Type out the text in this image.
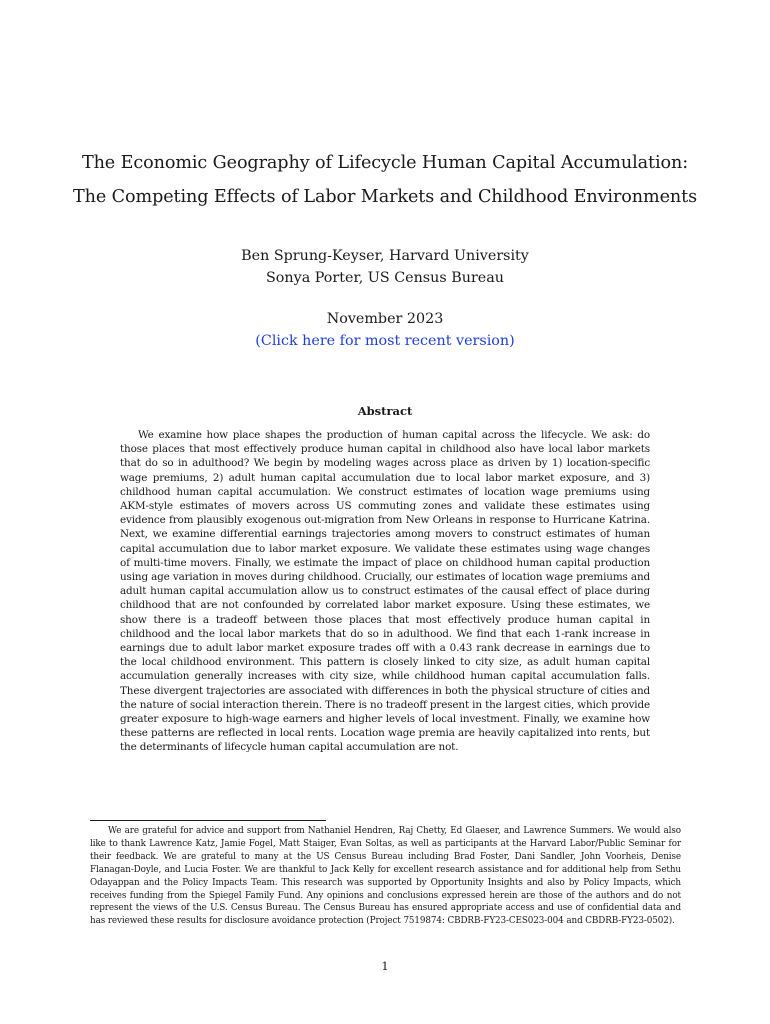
The Economic Geography of Lifecycle Human Capital Accumulation:
The Competing Effects of Labor Markets and Childhood Environments
Ben Sprung-Keyser, Harvard University
Sonya Porter, US Census Bureau
November 2023
(Click here for most recent version)
Abstract

We examine how place shapes the production of human capital across the lifecycle. We ask: do those places that most effectively produce human capital in childhood also have local labor markets that do so in adulthood? We begin by modeling wages across place as driven by 1) location-specific wage premiums, 2) adult human capital accumulation due to local labor market exposure, and 3) childhood human capital accumulation. We construct estimates of location wage premiums using AKM-style estimates of movers across US commuting zones and validate these estimates using evidence from plausibly exogenous out-migration from New Orleans in response to Hurricane Katrina. Next, we examine differential earnings trajectories among movers to construct estimates of human capital accumulation due to labor market exposure. We validate these estimates using wage changes of multi-time movers. Finally, we estimate the impact of place on childhood human capital production using age variation in moves during childhood. Crucially, our estimates of location wage premiums and adult human capital accumulation allow us to construct estimates of the causal effect of place during childhood that are not confounded by correlated labor market exposure. Using these estimates, we show there is a tradeoff between those places that most effectively produce human capital in childhood and the local labor markets that do so in adulthood. We find that each 1-rank increase in earnings due to adult labor market exposure trades off with a 0.43 rank decrease in earnings due to the local childhood environment. This pattern is closely linked to city size, as adult human capital accumulation generally increases with city size, while childhood human capital accumulation falls. These divergent trajectories are associated with differences in both the physical structure of cities and the nature of social interaction therein. There is no tradeoff present in the largest cities, which provide greater exposure to high-wage earners and higher levels of local investment. Finally, we examine how these patterns are reflected in local rents. Location wage premia are heavily capitalized into rents, but the determinants of lifecycle human capital accumulation are not.

We are grateful for advice and support from Nathaniel Hendren, Raj Chetty, Ed Glaeser, and Lawrence Summers. We would also like to thank Lawrence Katz, Jamie Fogel, Matt Staiger, Evan Soltas, as well as participants at the Harvard Labor/Public Seminar for their feedback. We are grateful to many at the US Census Bureau including Brad Foster, Dani Sandler, John Voorheis, Denise Flanagan-Doyle, and Lucia Foster. We are thankful to Jack Kelly for excellent research assistance and for additional help from Sethu Odayappan and the Policy Impacts Team. This research was supported by Opportunity Insights and also by Policy Impacts, which receives funding from the Spiegel Family Fund. Any opinions and conclusions expressed herein are those of the authors and do not represent the views of the U.S. Census Bureau. The Census Bureau has ensured appropriate access and use of confidential data and has reviewed these results for disclosure avoidance protection (Project 7519874: CBDRB-FY23-CES023-004 and CBDRB-FY23-0502).

1
